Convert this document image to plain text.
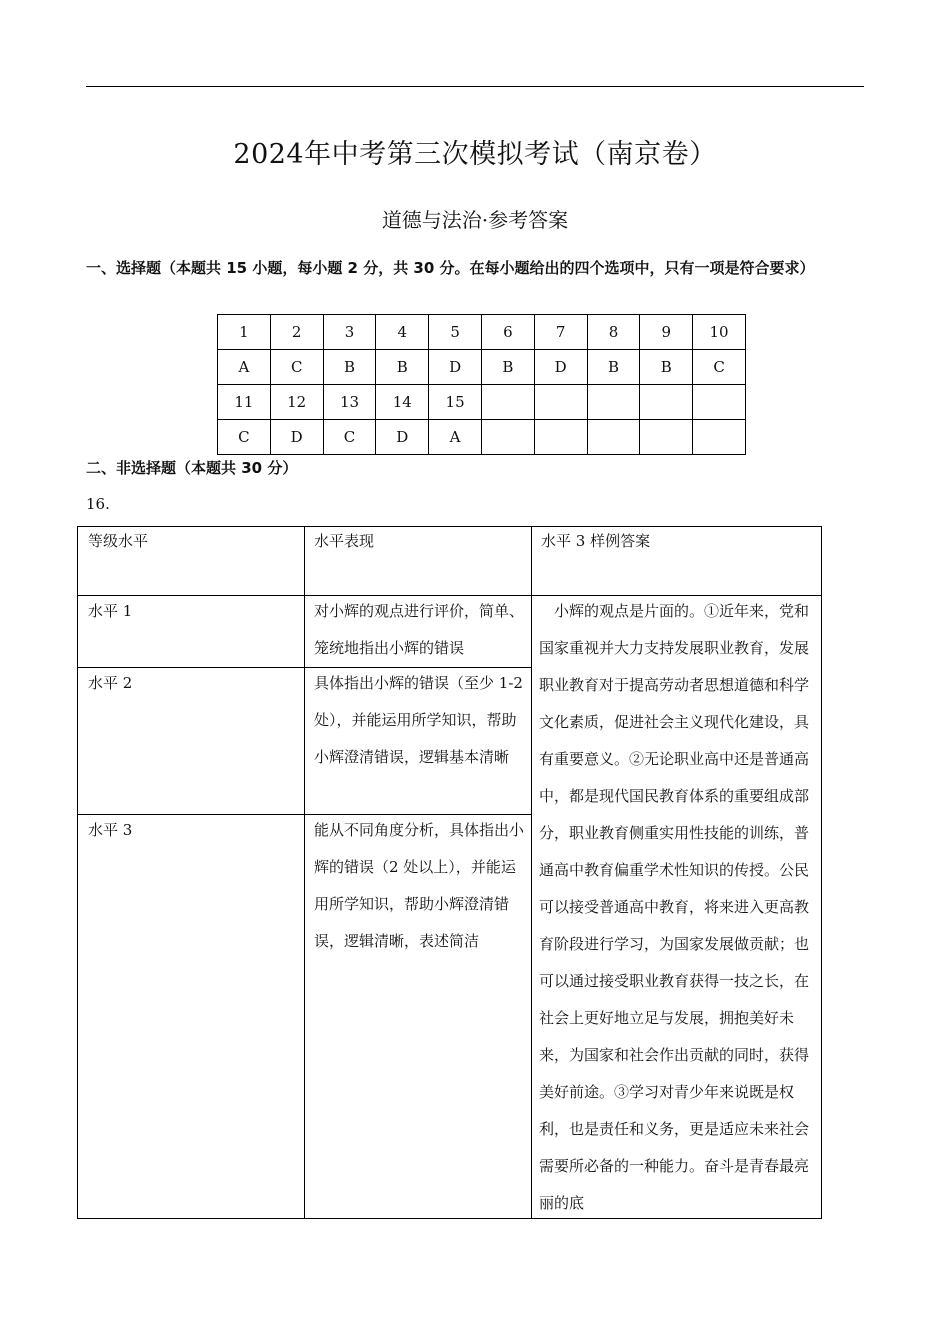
2024年中考第三次模拟考试（南京卷）
道德与法治·参考答案
一、选择题（本题共 15 小题，每小题 2 分，共 30 分。在每小题给出的四个选项中，只有一项是符合要求）
1	2	3	4	5	6	7	8	9	10
A	C	B	B	D	B	D	B	B	C
11	12	13	14	15					
C	D	C	D	A					
二、非选择题（本题共 30 分）
16.
等级水平	水平表现	水平 3 样例答案
水平 1	对小辉的观点进行评价，简单、笼统地指出小辉的错误
水平 2	具体指出小辉的错误（至少 1-2 处），并能运用所学知识，帮助小辉澄清错误，逻辑基本清晰
水平 3	能从不同角度分析，具体指出小辉的错误（2 处以上），并能运用所学知识，帮助小辉澄清错误，逻辑清晰，表述简洁
　小辉的观点是片面的。①近年来，党和国家重视并大力支持发展职业教育，发展职业教育对于提高劳动者思想道德和科学文化素质，促进社会主义现代化建设，具有重要意义。②无论职业高中还是普通高中，都是现代国民教育体系的重要组成部分，职业教育侧重实用性技能的训练，普通高中教育偏重学术性知识的传授。公民可以接受普通高中教育，将来进入更高教育阶段进行学习，为国家发展做贡献；也可以通过接受职业教育获得一技之长，在社会上更好地立足与发展，拥抱美好未来，为国家和社会作出贡献的同时，获得美好前途。③学习对青少年来说既是权利，也是责任和义务，更是适应未来社会需要所必备的一种能力。奋斗是青春最亮丽的底
